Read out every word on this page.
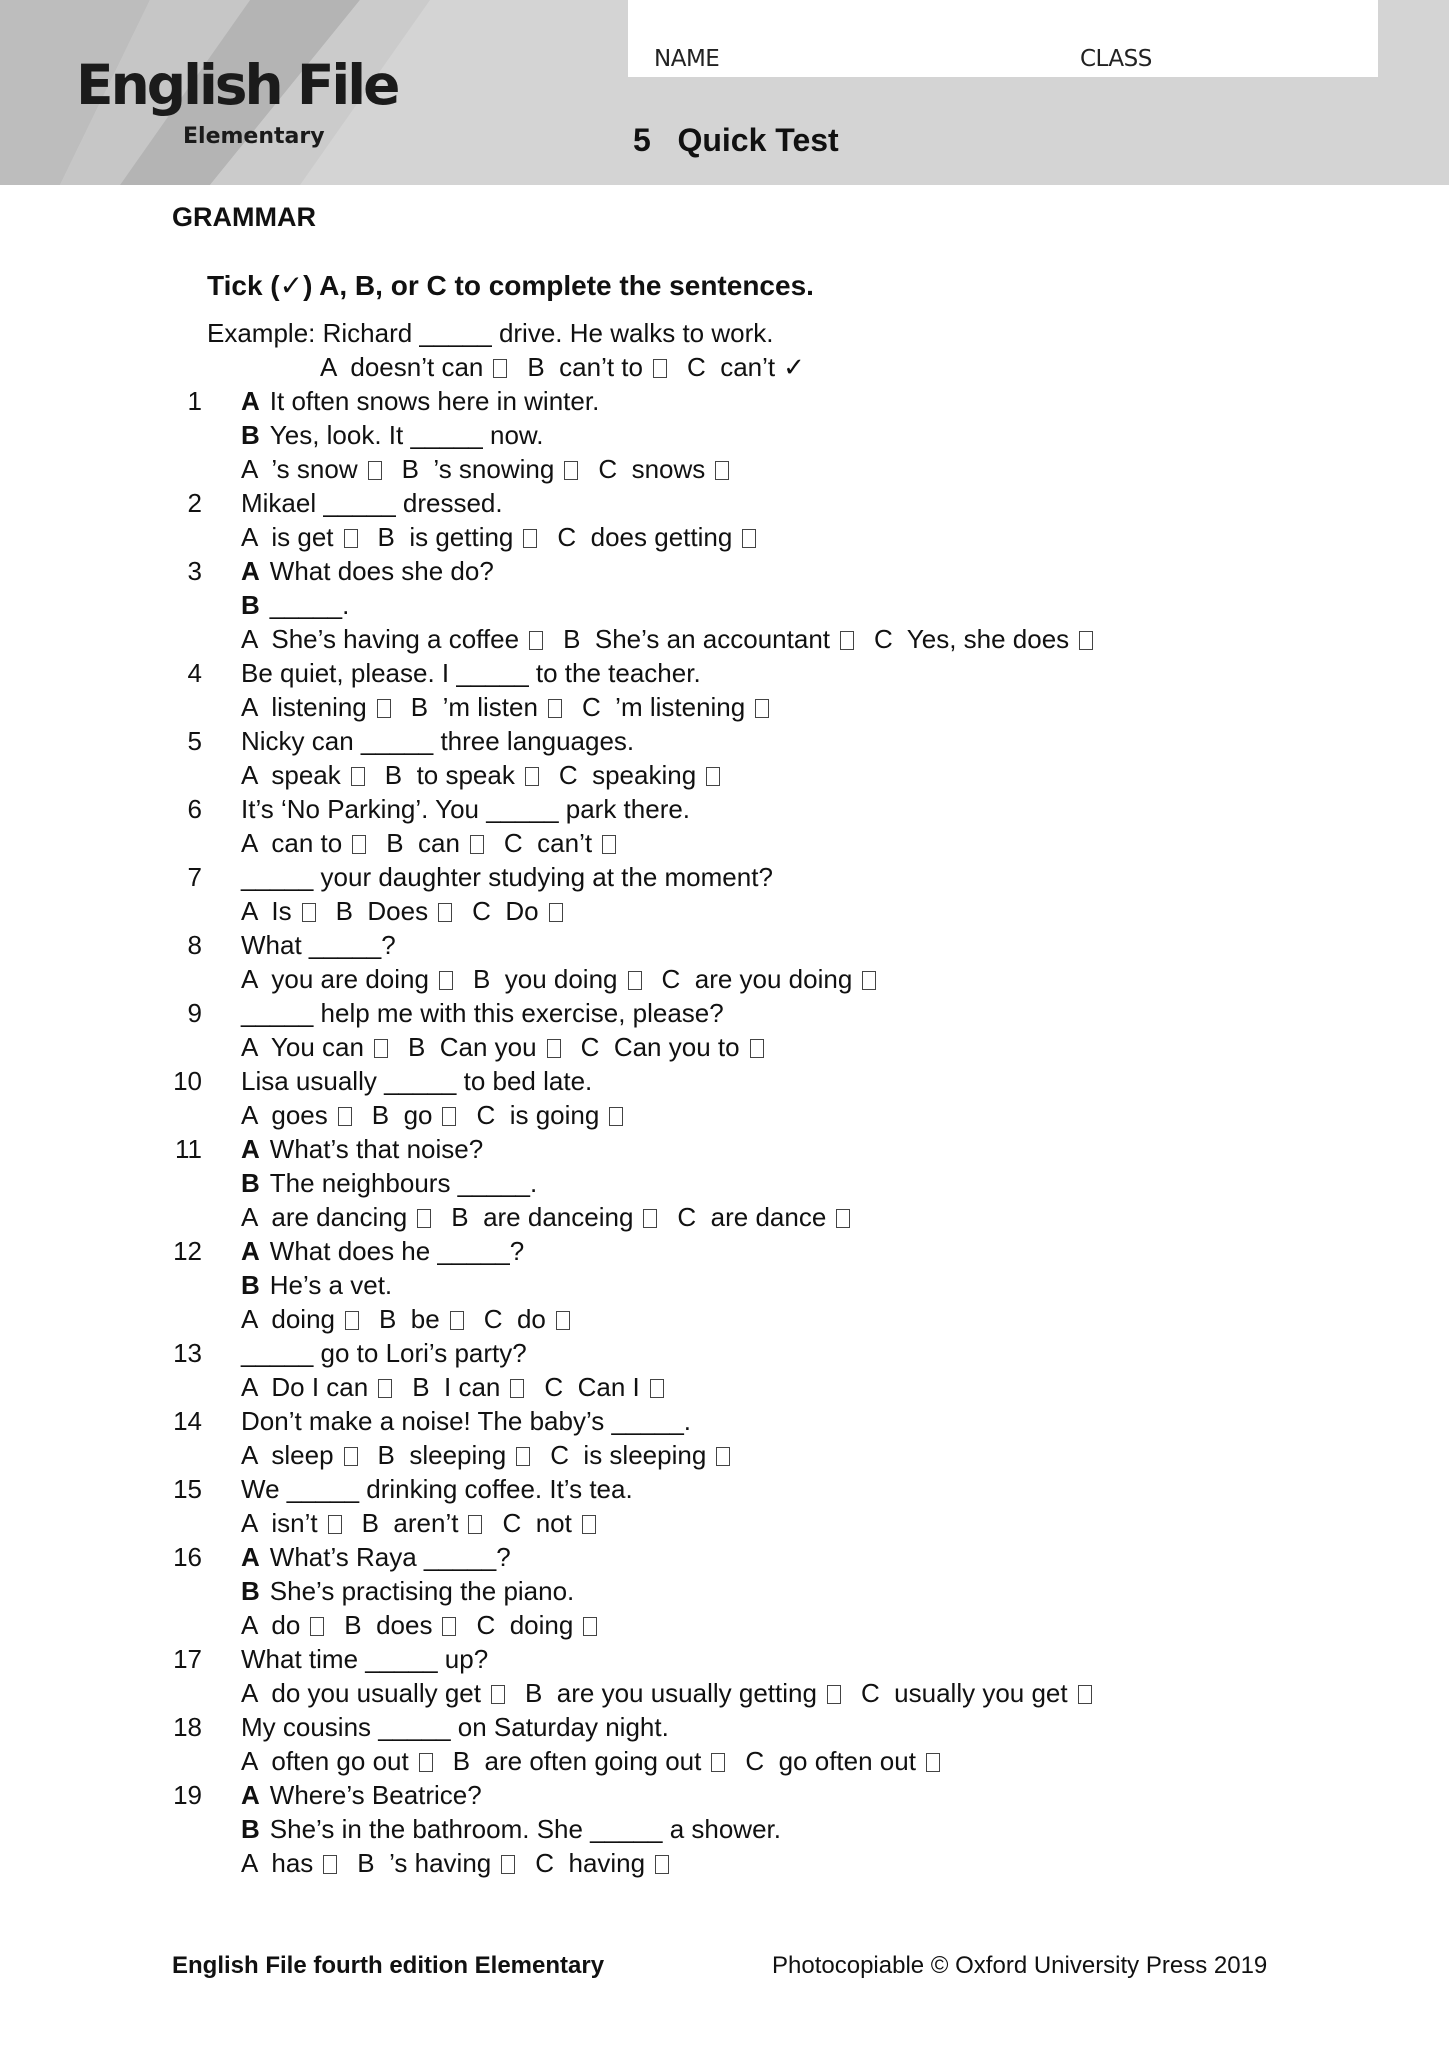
English File
Elementary
NAME	CLASS
5 Quick Test
GRAMMAR
Tick (✓) A, B, or C to complete the sentences.
Example: Richard _____ drive. He walks to work.
A doesn’t can B can’t to C can’t ✓
1 A It often snows here in winter.
B Yes, look. It _____ now.
A ’s snow B ’s snowing C snows
2 Mikael _____ dressed.
A is get B is getting C does getting
3 A What does she do?
B _____.
A She’s having a coffee B She’s an accountant C Yes, she does
4 Be quiet, please. I _____ to the teacher.
A listening B ’m listen C ’m listening
5 Nicky can _____ three languages.
A speak B to speak C speaking
6 It’s ‘No Parking’. You _____ park there.
A can to B can C can’t
7 _____ your daughter studying at the moment?
A Is B Does C Do
8 What _____?
A you are doing B you doing C are you doing
9 _____ help me with this exercise, please?
A You can B Can you C Can you to
10 Lisa usually _____ to bed late.
A goes B go C is going
11 A What’s that noise?
B The neighbours _____.
A are dancing B are danceing C are dance
12 A What does he _____?
B He’s a vet.
A doing B be C do
13 _____ go to Lori’s party?
A Do I can B I can C Can I
14 Don’t make a noise! The baby’s _____.
A sleep B sleeping C is sleeping
15 We _____ drinking coffee. It’s tea.
A isn’t B aren’t C not
16 A What’s Raya _____?
B She’s practising the piano.
A do B does C doing
17 What time _____ up?
A do you usually get B are you usually getting C usually you get
18 My cousins _____ on Saturday night.
A often go out B are often going out C go often out
19 A Where’s Beatrice?
B She’s in the bathroom. She _____ a shower.
A has B ’s having C having
English File fourth edition Elementary	Photocopiable © Oxford University Press 2019
